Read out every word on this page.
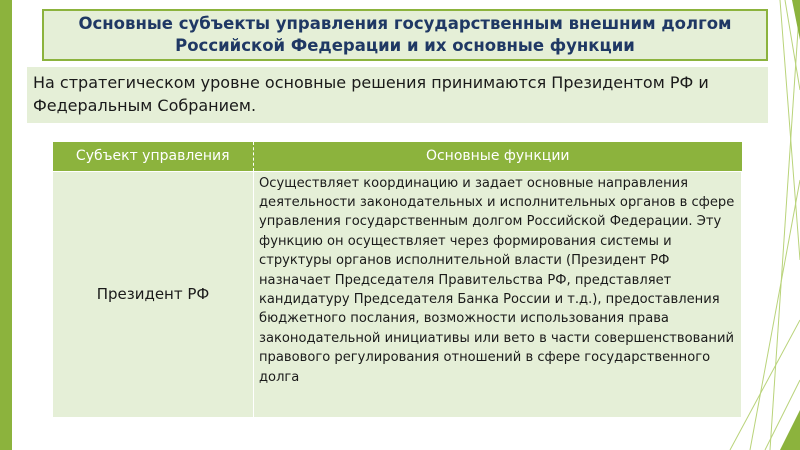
Основные субъекты управления государственным внешним долгом Российской Федерации и их основные функции
На стратегическом уровне основные решения принимаются Президентом РФ и Федеральным Собранием.
Субъект управления	Основные функции
Президент РФ	Осуществляет координацию и задает основные направления деятельности законодательных и исполнительных органов в сфере управления государственным долгом Российской Федерации. Эту функцию он осуществляет через формирования системы и структуры органов исполнительной власти (Президент РФ назначает Председателя Правительства РФ, представляет кандидатуру Председателя Банка России и т.д.), предоставления бюджетного послания, возможности использования права законодательной инициативы или вето в части совершенствований правового регулирования отношений в сфере государственного долга
